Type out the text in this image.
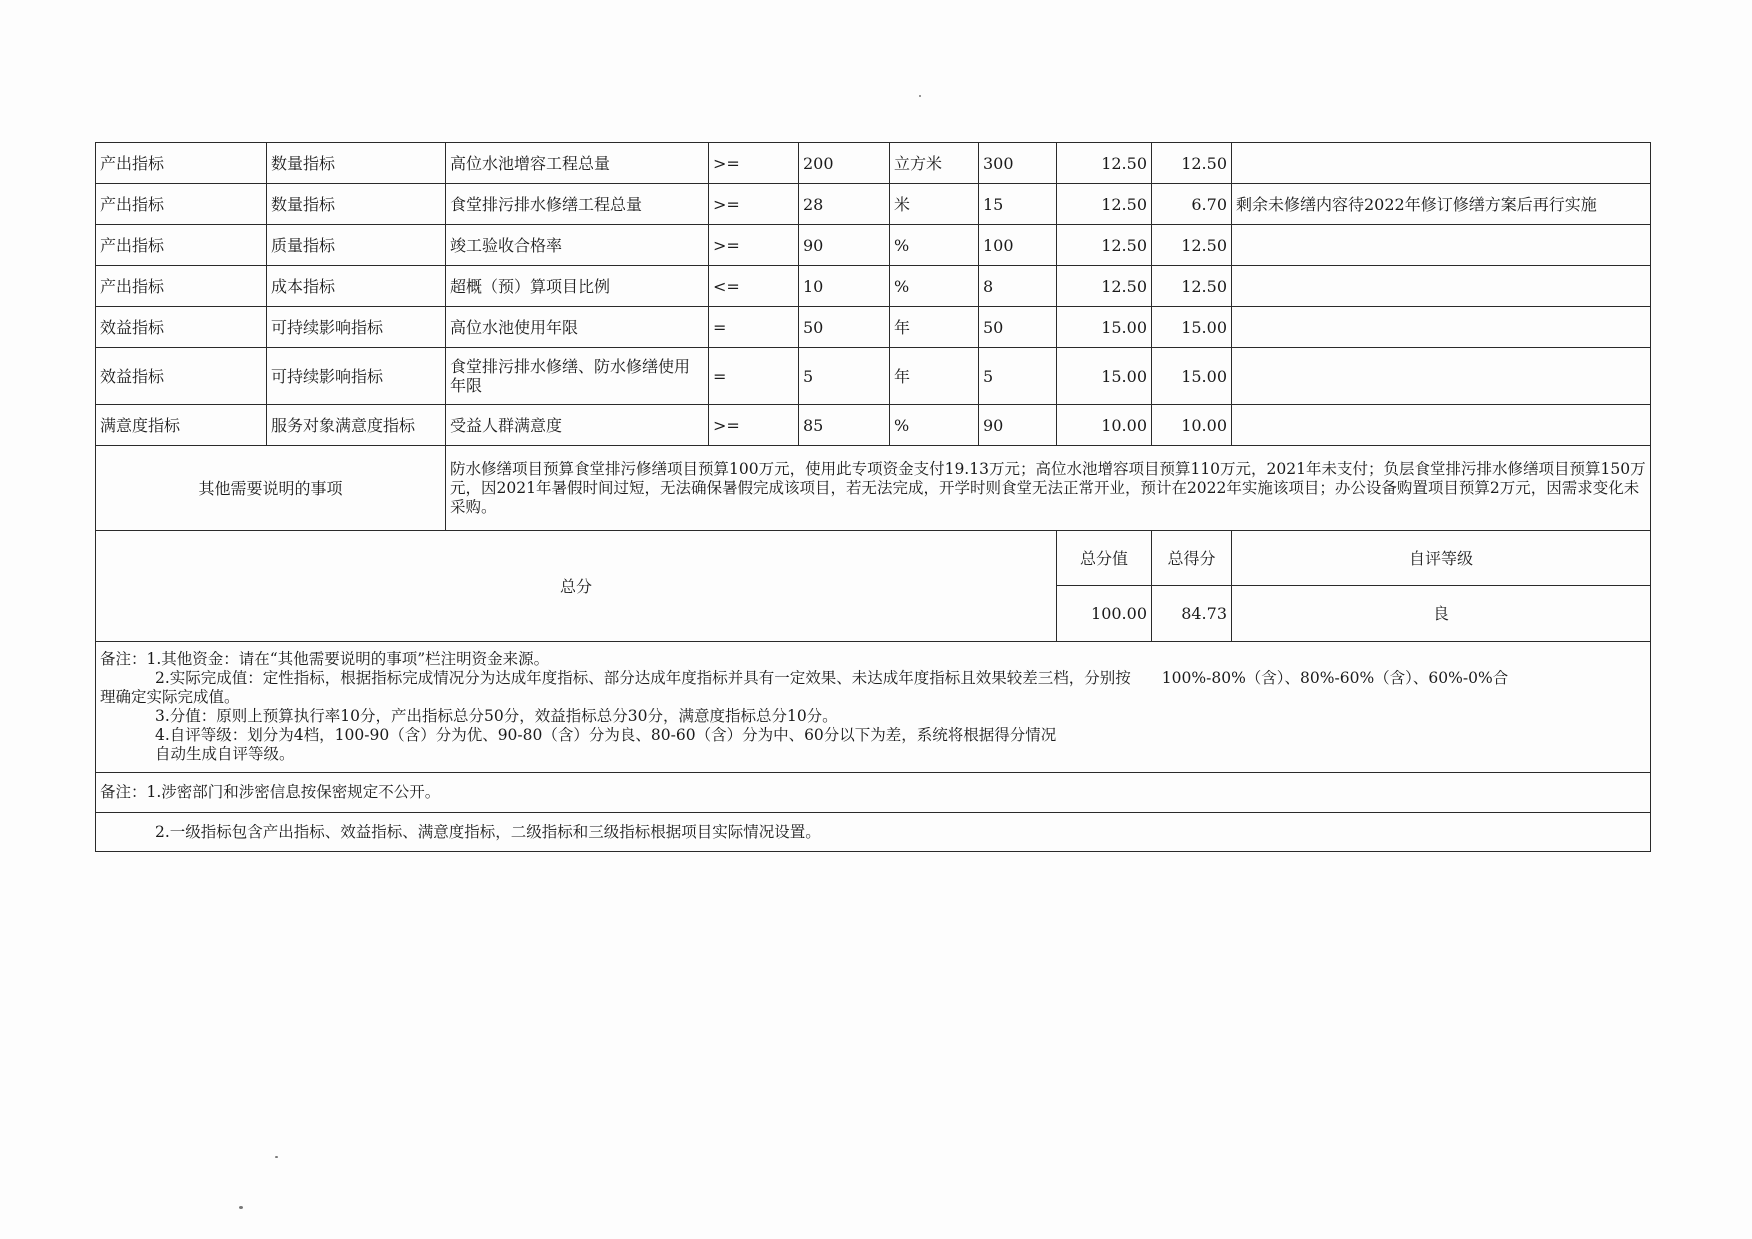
产出指标	数量指标	高位水池增容工程总量	>=	200	立方米	300	12.50	12.50	
产出指标	数量指标	食堂排污排水修缮工程总量	>=	28	米	15	12.50	6.70	剩余未修缮内容待2022年修订修缮方案后再行实施
产出指标	质量指标	竣工验收合格率	>=	90	%	100	12.50	12.50	
产出指标	成本指标	超概（预）算项目比例	<=	10	%	8	12.50	12.50	
效益指标	可持续影响指标	高位水池使用年限	=	50	年	50	15.00	15.00	
效益指标	可持续影响指标	食堂排污排水修缮、防水修缮使用年限	=	5	年	5	15.00	15.00	
满意度指标	服务对象满意度指标	受益人群满意度	>=	85	%	90	10.00	10.00	
其他需要说明的事项		防水修缮项目预算食堂排污修缮项目预算100万元，使用此专项资金支付19.13万元；高位水池增容项目预算110万元，2021年未支付；负层食堂排污排水修缮项目预算150万元，因2021年暑假时间过短，无法确保暑假完成该项目，若无法完成，开学时则食堂无法正常开业，预计在2022年实施该项目；办公设备购置项目预算2万元，因需求变化未采购。							
总分							总分值	总得分	自评等级
							100.00	84.73	良

备注：1.其他资金：请在“其他需要说明的事项”栏注明资金来源。
2.实际完成值：定性指标，根据指标完成情况分为达成年度指标、部分达成年度指标并具有一定效果、未达成年度指标且效果较差三档，分别按　　100%-80%（含）、80%-60%（含）、60%-0%合
理确定实际完成值。
3.分值：原则上预算执行率10分，产出指标总分50分，效益指标总分30分，满意度指标总分10分。
4.自评等级：划分为4档，100-90（含）分为优、90-80（含）分为良、80-60（含）分为中、60分以下为差，系统将根据得分情况
自动生成自评等级。

备注：1.涉密部门和涉密信息按保密规定不公开。									

2.一级指标包含产出指标、效益指标、满意度指标，二级指标和三级指标根据项目实际情况设置。									
